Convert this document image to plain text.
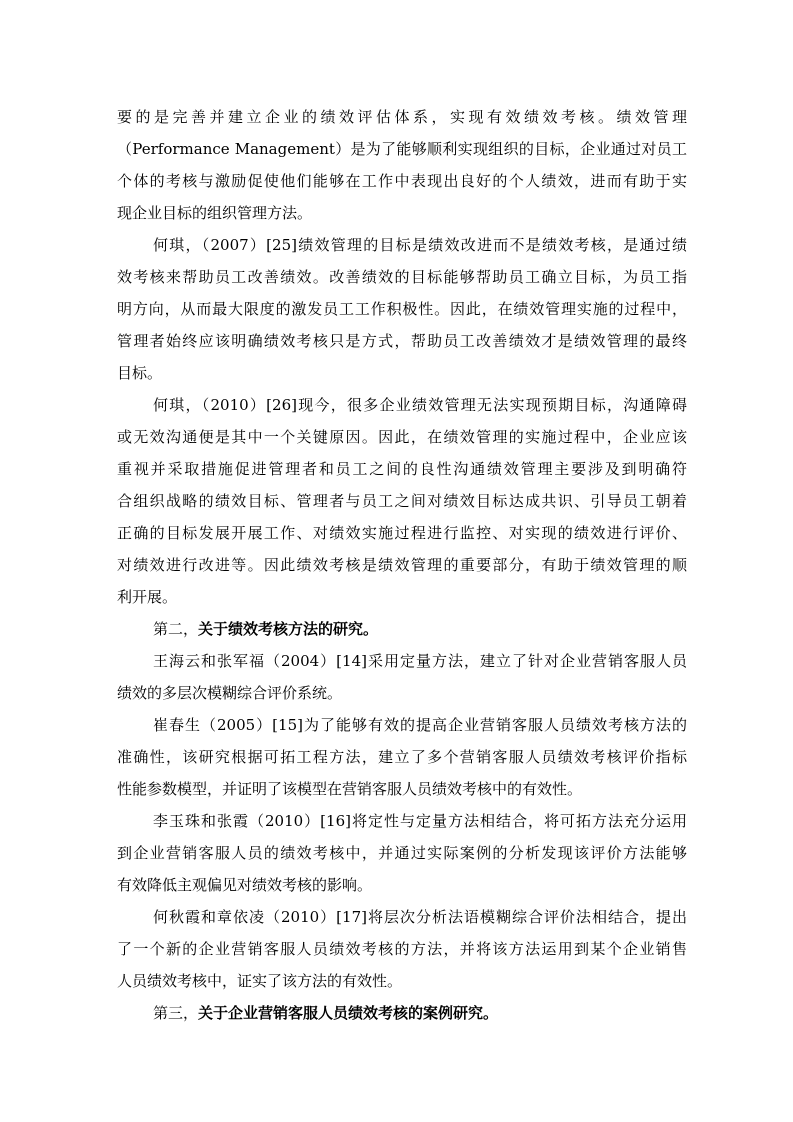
要的是完善并建立企业的绩效评估体系，实现有效绩效考核。绩效管理
（Performance Management）是为了能够顺利实现组织的目标，企业通过对员工
个体的考核与激励促使他们能够在工作中表现出良好的个人绩效，进而有助于实
现企业目标的组织管理方法。
何琪，（2007）[25]绩效管理的目标是绩效改进而不是绩效考核，是通过绩
效考核来帮助员工改善绩效。改善绩效的目标能够帮助员工确立目标，为员工指
明方向，从而最大限度的激发员工工作积极性。因此，在绩效管理实施的过程中，
管理者始终应该明确绩效考核只是方式，帮助员工改善绩效才是绩效管理的最终
目标。
何琪，（2010）[26]现今，很多企业绩效管理无法实现预期目标，沟通障碍
或无效沟通便是其中一个关键原因。因此，在绩效管理的实施过程中，企业应该
重视并采取措施促进管理者和员工之间的良性沟通绩效管理主要涉及到明确符
合组织战略的绩效目标、管理者与员工之间对绩效目标达成共识、引导员工朝着
正确的目标发展开展工作、对绩效实施过程进行监控、对实现的绩效进行评价、
对绩效进行改进等。因此绩效考核是绩效管理的重要部分，有助于绩效管理的顺
利开展。
第二，关于绩效考核方法的研究。
王海云和张军福（2004）[14]采用定量方法，建立了针对企业营销客服人员
绩效的多层次模糊综合评价系统。
崔春生（2005）[15]为了能够有效的提高企业营销客服人员绩效考核方法的
准确性，该研究根据可拓工程方法，建立了多个营销客服人员绩效考核评价指标
性能参数模型，并证明了该模型在营销客服人员绩效考核中的有效性。
李玉珠和张霞（2010）[16]将定性与定量方法相结合，将可拓方法充分运用
到企业营销客服人员的绩效考核中，并通过实际案例的分析发现该评价方法能够
有效降低主观偏见对绩效考核的影响。
何秋霞和章依凌（2010）[17]将层次分析法语模糊综合评价法相结合，提出
了一个新的企业营销客服人员绩效考核的方法，并将该方法运用到某个企业销售
人员绩效考核中，证实了该方法的有效性。
第三，关于企业营销客服人员绩效考核的案例研究。
